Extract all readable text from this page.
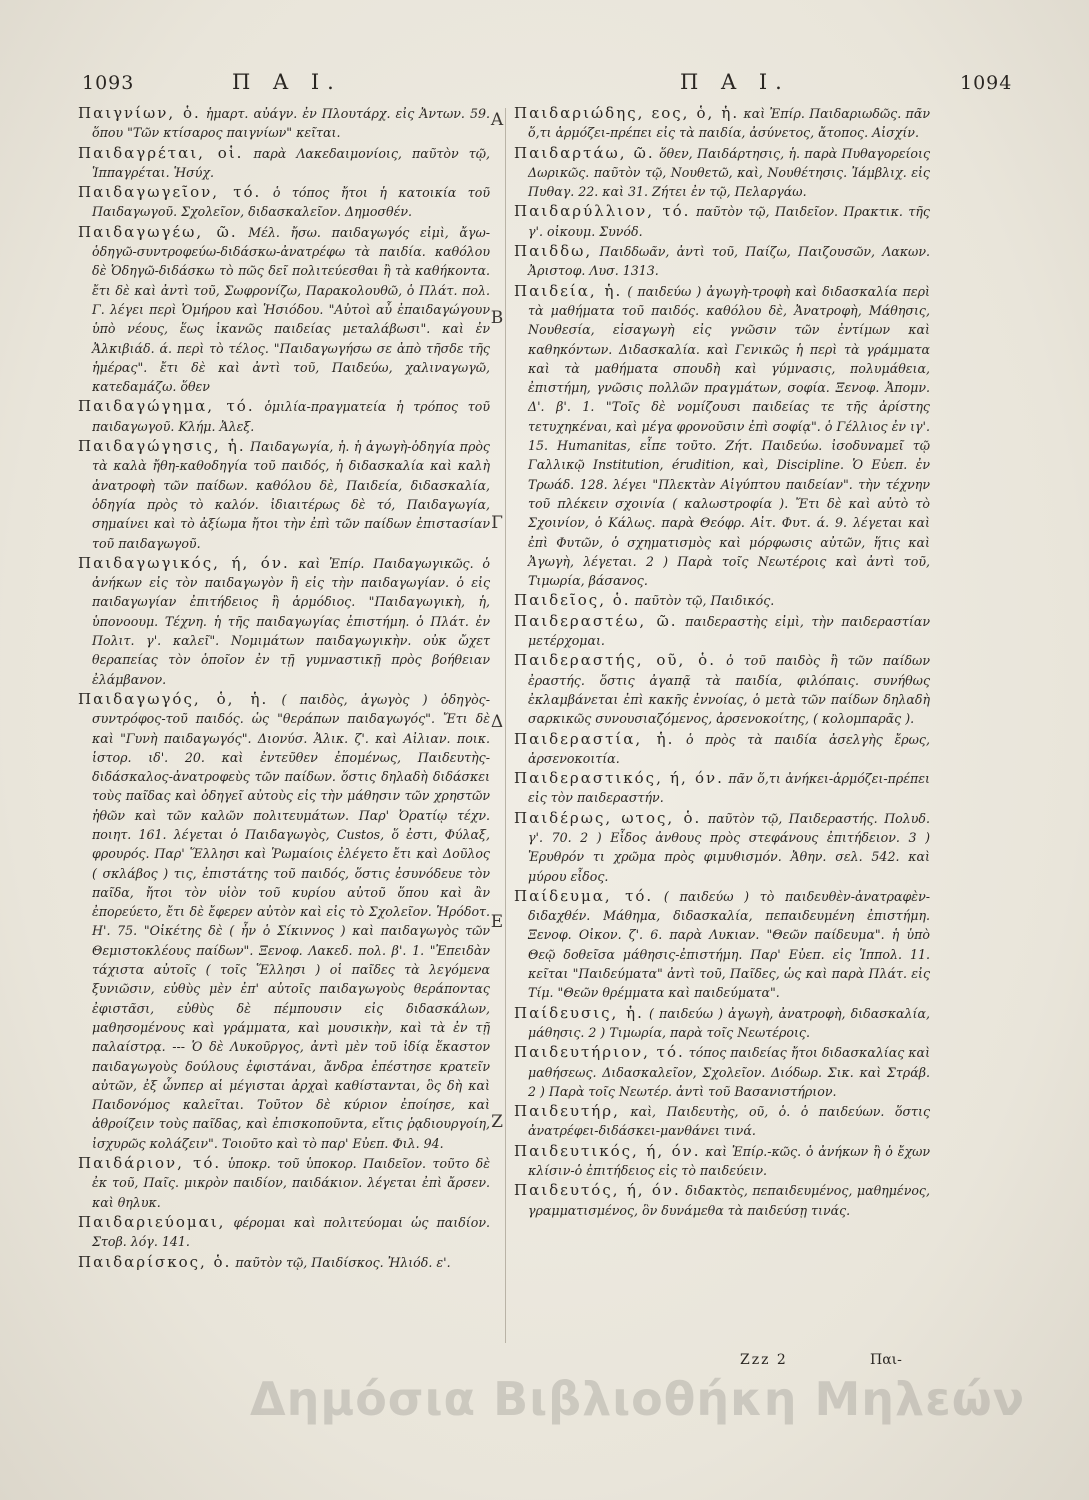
1093	Π Α Ι.	Π Α Ι.	1094

Παιγνίων, ὁ. ἡμαρτ. αὐάγν. ἐν Πλουτάρχ. εἰς Ἀντων. 59. ὅπου "Τῶν κτίσαρος παιγνίων" κεῖται.

Παιδαγρέται, οἱ. παρὰ Λακεδαιμονίοις, παῦτὸν τῷ, Ἱππαγρέται. Ἡσύχ.

Παιδαγωγεῖον, τό. ὁ τόπος ἤτοι ἡ κατοικία τοῦ Παιδαγωγοῦ. Σχολεῖον, διδασκαλεῖον. Δημοσθέν.

Παιδαγωγέω, ῶ. Μέλ. ἤσω. παιδαγωγός εἰμὶ, ἄγω-ὁδηγῶ-συντροφεύω-διδάσκω-ἀνατρέφω τὰ παιδία. καθόλου δὲ Ὁδηγῶ-διδάσκω τὸ πῶς δεῖ πολιτεύεσθαι ἢ τὰ καθήκοντα. ἔτι δὲ καὶ ἀντὶ τοῦ, Σωφρονίζω, Παρακολουθῶ, ὁ Πλάτ. πολ. Γ. λέγει περὶ Ὁμήρου καὶ Ἡσιόδου. "Αὐτοὶ αὖ ἐπαιδαγώγουν ὑπὸ νέους, ἕως ἱκανῶς παιδείας μεταλάβωσι". καὶ ἐν Ἀλκιβιάδ. ά. περὶ τὸ τέλος. "Παιδαγωγήσω σε ἀπὸ τῆσδε τῆς ἡμέρας". ἔτι δὲ καὶ ἀντὶ τοῦ, Παιδεύω, χαλιναγωγῶ, κατεδαμάζω. ὅθεν

Παιδαγώγημα, τό. ὁμιλία-πραγματεία ἡ τρόπος τοῦ παιδαγωγοῦ. Κλήμ. Ἀλεξ.

Παιδαγώγησις, ἡ. Παιδαγωγία, ἡ. ἡ ἀγωγὴ-ὁδηγία πρὸς τὰ καλὰ ἤθη-καθοδηγία τοῦ παιδός, ἡ διδασκαλία καὶ καλὴ ἀνατροφὴ τῶν παίδων. καθόλου δὲ, Παιδεία, διδασκαλία, ὁδηγία πρὸς τὸ καλόν. ἰδιαιτέρως δὲ τό, Παιδαγωγία, σημαίνει καὶ τὸ ἀξίωμα ἤτοι τὴν ἐπὶ τῶν παίδων ἐπιστασίαν τοῦ παιδαγωγοῦ.

Παιδαγωγικός, ή, όν. καὶ Ἐπίρ. Παιδαγωγικῶς. ὁ ἀνήκων εἰς τὸν παιδαγωγὸν ἢ εἰς τὴν παιδαγωγίαν. ὁ εἰς παιδαγωγίαν ἐπιτήδειος ἢ ἁρμόδιος. "Παιδαγωγικὴ, ἡ, ὑπονοουμ. Τέχνη. ἡ τῆς παιδαγωγίας ἐπιστήμη. ὁ Πλάτ. ἐν Πολιτ. γ'. καλεῖ". Νομιμάτων παιδαγωγικὴν. οὐκ ὤχετ θεραπείας τὸν ὁποῖον ἐν τῇ γυμναστικῇ πρὸς βοήθειαν ἐλάμβανον.

Παιδαγωγός, ὁ, ἡ. ( παιδὸς, ἀγωγὸς ) ὁδηγὸς-συντρόφος-τοῦ παιδός. ὡς "θεράπων παιδαγωγός". Ἔτι δὲ καὶ "Γυνὴ παιδαγωγός". Διονύσ. Ἀλικ. ζ'. καὶ Αἰλιαν. ποικ. ἱστορ. ιδ'. 20. καὶ ἐντεῦθεν ἐπομένως, Παιδευτὴς-διδάσκαλος-ἀνατροφεὺς τῶν παίδων. ὅστις δηλαδὴ διδάσκει τοὺς παῖδας καὶ ὁδηγεῖ αὐτοὺς εἰς τὴν μάθησιν τῶν χρηστῶν ἠθῶν καὶ τῶν καλῶν πολιτευμάτων. Παρ' Ὀρατίῳ τέχν. ποιητ. 161. λέγεται ὁ Παιδαγωγὸς, Custos, ὅ ἐστι, Φύλαξ, φρουρός. Παρ' Ἕλλησι καὶ Ῥωμαίοις ἐλέγετο ἔτι καὶ Δοῦλος ( σκλάβος ) τις, ἐπιστάτης τοῦ παιδός, ὅστις ἐσυνόδευε τὸν παῖδα, ἤτοι τὸν υἱὸν τοῦ κυρίου αὐτοῦ ὅπου καὶ ἂν ἐπορεύετο, ἔτι δὲ ἔφερεν αὐτὸν καὶ εἰς τὸ Σχολεῖον. Ἡρόδοτ. Η'. 75. "Οἰκέτης δὲ ( ἦν ὁ Σίκιννος ) καὶ παιδαγωγὸς τῶν Θεμιστοκλέους παίδων". Ξενοφ. Λακεδ. πολ. β'. 1. "Ἐπειδὰν τάχιστα αὐτοῖς ( τοῖς Ἕλλησι ) οἱ παῖδες τὰ λεγόμενα ξυνιῶσιν, εὐθὺς μὲν ἐπ' αὐτοῖς παιδαγωγοὺς θεράποντας ἐφιστᾶσι, εὐθὺς δὲ πέμπουσιν εἰς διδασκάλων, μαθησομένους καὶ γράμματα, καὶ μουσικὴν, καὶ τὰ ἐν τῇ παλαίστρᾳ. --- Ὁ δὲ Λυκοῦργος, ἀντὶ μὲν τοῦ ἰδίᾳ ἕκαστον παιδαγωγοὺς δούλους ἐφιστάναι, ἄνδρα ἐπέστησε κρατεῖν αὐτῶν, ἐξ ὧνπερ αἱ μέγισται ἀρχαὶ καθίστανται, ὃς δὴ καὶ Παιδονόμος καλεῖται. Τοῦτον δὲ κύριον ἐποίησε, καὶ ἀθροίζειν τοὺς παῖδας, καὶ ἐπισκοποῦντα, εἴτις ῥᾳδιουργοίη, ἰσχυρῶς κολάζειν". Τοιοῦτο καὶ τὸ παρ' Εὐεπ. Φιλ. 94.

Παιδάριον, τό. ὑποκρ. τοῦ ὑποκορ. Παιδεῖον. τοῦτο δὲ ἐκ τοῦ, Παῖς. μικρὸν παιδίον, παιδάκιον. λέγεται ἐπὶ ἄρσεν. καὶ θηλυκ.

Παιδαριεύομαι, φέρομαι καὶ πολιτεύομαι ὡς παιδίον. Στοβ. λόγ. 141.

Παιδαρίσκος, ὁ. παῦτὸν τῷ, Παιδίσκος. Ἠλιόδ. ε'.

Παιδαριώδης, εος, ὁ, ἡ. καὶ Ἐπίρ. Παιδαριωδῶς. πᾶν ὅ,τι ἁρμόζει-πρέπει εἰς τὰ παιδία, ἀσύνετος, ἄτοπος. Αἰσχίν.

Παιδαρτάω, ῶ. ὅθεν, Παιδάρτησις, ἡ. παρὰ Πυθαγορείοις Δωρικῶς. παῦτὸν τῷ, Νουθετῶ, καὶ, Νουθέτησις. Ἰάμβλιχ. εἰς Πυθαγ. 22. καὶ 31. Ζήτει ἐν τῷ, Πελαργάω.

Παιδαρύλλιον, τό. παῦτὸν τῷ, Παιδεῖον. Πρακτικ. τῆς γ'. οἰκουμ. Συνόδ.

Παιδδω, Παιδδωᾶν, ἀντὶ τοῦ, Παίζω, Παιζουσῶν, Λακων. Ἀριστοφ. Λυσ. 1313.

Παιδεία, ἡ. ( παιδεύω ) ἀγωγὴ-τροφὴ καὶ διδασκαλία περὶ τὰ μαθήματα τοῦ παιδός. καθόλου δὲ, Ἀνατροφὴ, Μάθησις, Νουθεσία, εἰσαγωγὴ εἰς γνῶσιν τῶν ἐντίμων καὶ καθηκόντων. Διδασκαλία. καὶ Γενικῶς ἡ περὶ τὰ γράμματα καὶ τὰ μαθήματα σπουδὴ καὶ γύμνασις, πολυμάθεια, ἐπιστήμη, γνῶσις πολλῶν πραγμάτων, σοφία. Ξενοφ. Ἀπομν. Δ'. β'. 1. "Τοῖς δὲ νομίζουσι παιδείας τε τῆς ἀρίστης τετυχηκέναι, καὶ μέγα φρονοῦσιν ἐπὶ σοφίᾳ". ὁ Γέλλιος ἐν ιγ'. 15. Humanitas, εἶπε τοῦτο. Ζήτ. Παιδεύω. ἰσοδυναμεῖ τῷ Γαλλικῷ Institution, érudition, καὶ, Discipline. Ὁ Εὐεπ. ἐν Τρωάδ. 128. λέγει "Πλεκτὰν Αἰγύπτου παιδείαν". τὴν τέχνην τοῦ πλέκειν σχοινία ( καλωστροφία ). Ἔτι δὲ καὶ αὐτὸ τὸ Σχοινίον, ὁ Κάλως. παρὰ Θεόφρ. Αἰτ. Φυτ. ά. 9. λέγεται καὶ ἐπὶ Φυτῶν, ὁ σχηματισμὸς καὶ μόρφωσις αὐτῶν, ἥτις καὶ Ἀγωγὴ, λέγεται. 2 ) Παρὰ τοῖς Νεωτέροις καὶ ἀντὶ τοῦ, Τιμωρία, βάσανος.

Παιδεῖος, ὁ. παῦτὸν τῷ, Παιδικός.

Παιδεραστέω, ῶ. παιδεραστὴς εἰμὶ, τὴν παιδεραστίαν μετέρχομαι.

Παιδεραστής, οῦ, ὁ. ὁ τοῦ παιδὸς ἢ τῶν παίδων ἐραστής. ὅστις ἀγαπᾷ τὰ παιδία, φιλόπαις. συνήθως ἐκλαμβάνεται ἐπὶ κακῆς ἐννοίας, ὁ μετὰ τῶν παίδων δηλαδὴ σαρκικῶς συνουσιαζόμενος, ἀρσενοκοίτης, ( κολομπαρᾶς ).

Παιδεραστία, ἡ. ὁ πρὸς τὰ παιδία ἀσελγὴς ἔρως, ἀρσενοκοιτία.

Παιδεραστικός, ή, όν. πᾶν ὅ,τι ἀνήκει-ἁρμόζει-πρέπει εἰς τὸν παιδεραστήν.

Παιδέρως, ωτος, ὁ. παῦτὸν τῷ, Παιδεραστής. Πολυδ. γ'. 70. 2 ) Εἶδος ἀνθους πρὸς στεφάνους ἐπιτήδειον. 3 ) Ἐρυθρόν τι χρῶμα πρὸς φιμυθισμόν. Ἀθην. σελ. 542. καὶ μύρου εἶδος.

Παίδευμα, τό. ( παιδεύω ) τὸ παιδευθὲν-ἀνατραφὲν-διδαχθέν. Μάθημα, διδασκαλία, πεπαιδευμένη ἐπιστήμη. Ξενοφ. Οἰκον. ζ'. 6. παρὰ Λυκιαν. "Θεῶν παίδευμα". ἡ ὑπὸ Θεῷ δοθεῖσα μάθησις-ἐπιστήμη. Παρ' Εὐεπ. εἰς Ἱππολ. 11. κεῖται "Παιδεύματα" ἀντὶ τοῦ, Παῖδες, ὡς καὶ παρὰ Πλάτ. εἰς Τίμ. "Θεῶν θρέμματα καὶ παιδεύματα".

Παίδευσις, ἡ. ( παιδεύω ) ἀγωγὴ, ἀνατροφὴ, διδασκαλία, μάθησις. 2 ) Τιμωρία, παρὰ τοῖς Νεωτέροις.

Παιδευτήριον, τό. τόπος παιδείας ἤτοι διδασκαλίας καὶ μαθήσεως. Διδασκαλεῖον, Σχολεῖον. Διόδωρ. Σικ. καὶ Στράβ. 2 ) Παρὰ τοῖς Νεωτέρ. ἀντὶ τοῦ Βασανιστήριον.

Παιδευτήρ, καὶ, Παιδευτὴς, οῦ, ὁ. ὁ παιδεύων. ὅστις ἀνατρέφει-διδάσκει-μανθάνει τινά.

Παιδευτικός, ή, όν. καὶ Ἐπίρ.-κῶς. ὁ ἀνήκων ἢ ὁ ἔχων κλίσιν-ὁ ἐπιτήδειος εἰς τὸ παιδεύειν.

Παιδευτός, ή, όν. διδακτὸς, πεπαιδευμένος, μαθημένος, γραμματισμένος, ὃν δυνάμεθα τὰ παιδεύσῃ τινάς.

A
B
Γ
Δ
E
Z
Zzz 2	Παι-
Δημόσια Βιβλιοθήκη Μηλεών
